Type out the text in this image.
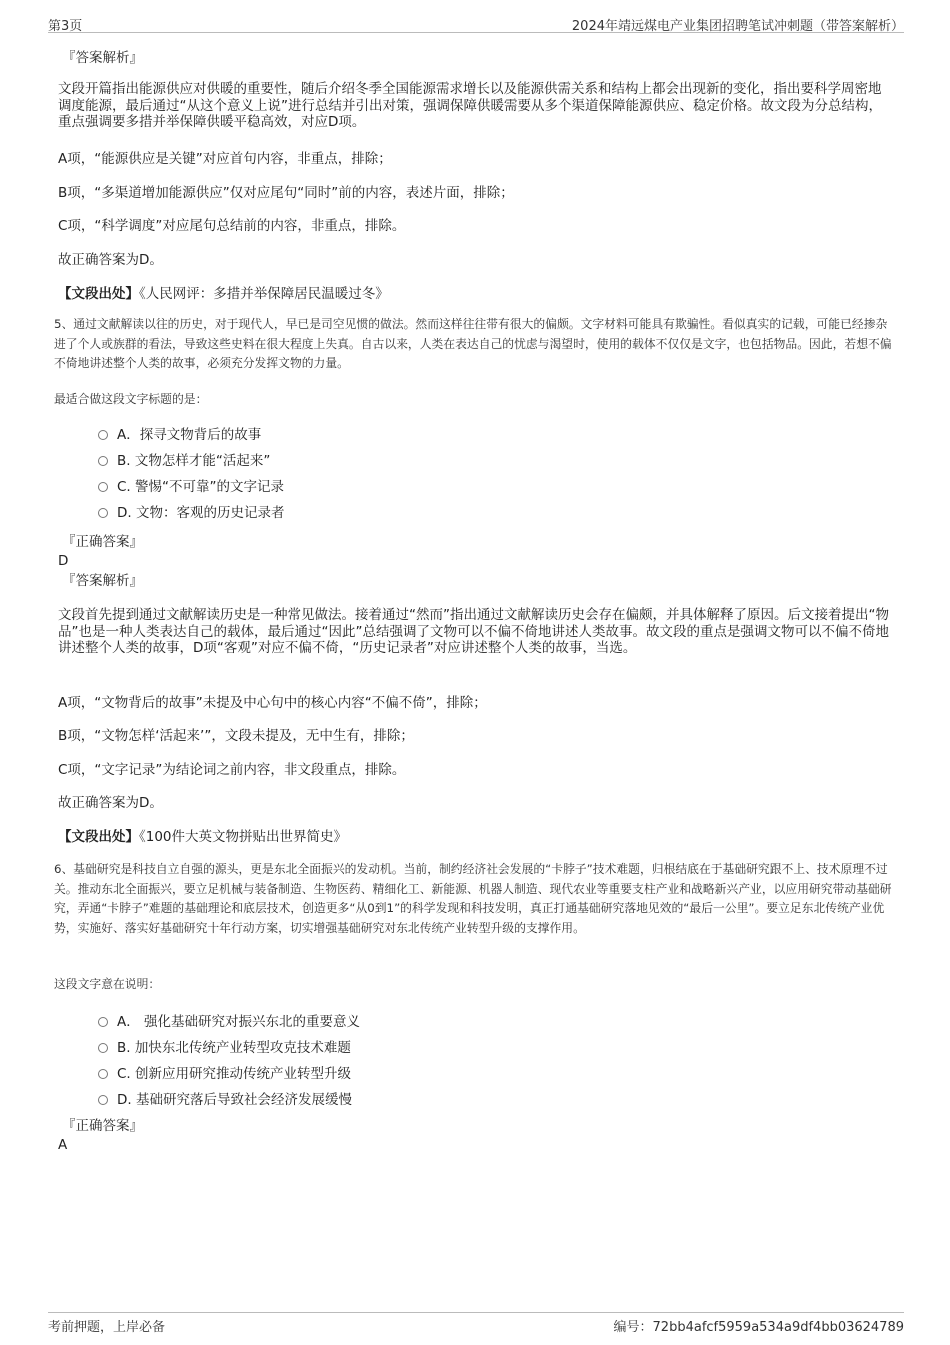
第3页	2024年靖远煤电产业集团招聘笔试冲刺题（带答案解析）
『答案解析』

文段开篇指出能源供应对供暖的重要性，随后介绍冬季全国能源需求增长以及能源供需关系和结构上都会出现新的变化，指出要科学周密地调度能源，最后通过“从这个意义上说”进行总结并引出对策，强调保障供暖需要从多个渠道保障能源供应、稳定价格。故文段为分总结构，重点强调要多措并举保障供暖平稳高效，对应D项。

A项，“能源供应是关键”对应首句内容，非重点，排除；
B项，“多渠道增加能源供应”仅对应尾句“同时”前的内容，表述片面，排除；
C项，“科学调度”对应尾句总结前的内容，非重点，排除。
故正确答案为D。
【文段出处】《人民网评：多措并举保障居民温暖过冬》

5、通过文献解读以往的历史，对于现代人，早已是司空见惯的做法。然而这样往往带有很大的偏颇。文字材料可能具有欺骗性。看似真实的记载，可能已经掺杂进了个人或族群的看法，导致这些史料在很大程度上失真。自古以来，人类在表达自己的忧虑与渴望时，使用的载体不仅仅是文字，也包括物品。因此，若想不偏不倚地讲述整个人类的故事，必须充分发挥文物的力量。

最适合做这段文字标题的是：
A．探寻文物背后的故事
B. 文物怎样才能“活起来”
C. 警惕“不可靠”的文字记录
D. 文物：客观的历史记录者
『正确答案』
D
『答案解析』

文段首先提到通过文献解读历史是一种常见做法。接着通过“然而”指出通过文献解读历史会存在偏颇，并具体解释了原因。后文接着提出“物品”也是一种人类表达自己的载体，最后通过“因此”总结强调了文物可以不偏不倚地讲述人类故事。故文段的重点是强调文物可以不偏不倚地讲述整个人类的故事，D项“客观”对应不偏不倚，“历史记录者”对应讲述整个人类的故事，当选。

A项，“文物背后的故事”未提及中心句中的核心内容“不偏不倚”，排除；
B项，“文物怎样‘活起来’”，文段未提及，无中生有，排除；
C项，“文字记录”为结论词之前内容，非文段重点，排除。
故正确答案为D。
【文段出处】《100件大英文物拼贴出世界简史》

6、基础研究是科技自立自强的源头，更是东北全面振兴的发动机。当前，制约经济社会发展的“卡脖子”技术难题，归根结底在于基础研究跟不上、技术原理不过关。推动东北全面振兴，要立足机械与装备制造、生物医药、精细化工、新能源、机器人制造、现代农业等重要支柱产业和战略新兴产业，以应用研究带动基础研究，弄通“卡脖子”难题的基础理论和底层技术，创造更多“从0到1”的科学发现和科技发明，真正打通基础研究落地见效的“最后一公里”。要立足东北传统产业优势，实施好、落实好基础研究十年行动方案，切实增强基础研究对东北传统产业转型升级的支撑作用。

这段文字意在说明：
A． 强化基础研究对振兴东北的重要意义
B. 加快东北传统产业转型攻克技术难题
C. 创新应用研究推动传统产业转型升级
D. 基础研究落后导致社会经济发展缓慢
『正确答案』
A
考前押题，上岸必备	编号：72bb4afcf5959a534a9df4bb03624789
